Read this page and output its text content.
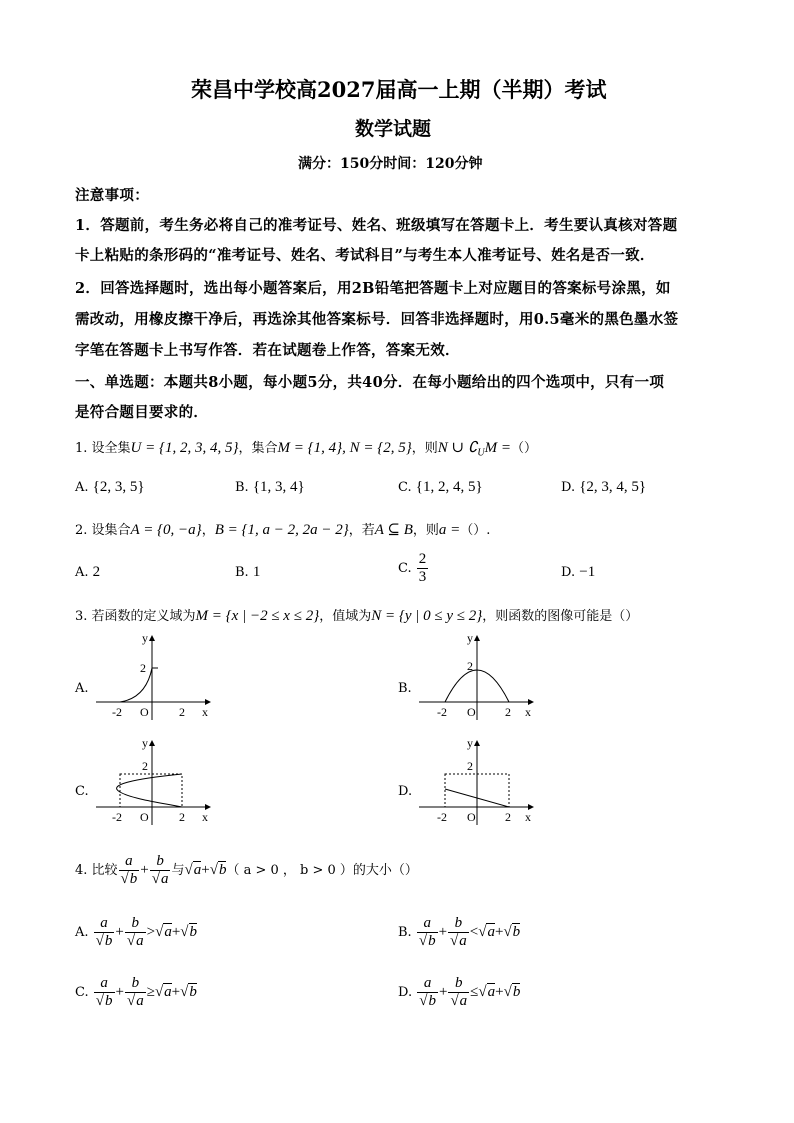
荣昌中学校高2027届高一上期（半期）考试
数学试题
满分：150分时间：120分钟
注意事项：
1．答题前，考生务必将自己的准考证号、姓名、班级填写在答题卡上．考生要认真核对答题
卡上粘贴的条形码的“准考证号、姓名、考试科目”与考生本人准考证号、姓名是否一致．
2．回答选择题时，选出每小题答案后，用2B铅笔把答题卡上对应题目的答案标号涂黑，如
需改动，用橡皮擦干净后，再选涂其他答案标号．回答非选择题时，用0.5毫米的黑色墨水签
字笔在答题卡上书写作答．若在试题卷上作答，答案无效．
一、单选题：本题共8小题，每小题5分，共40分．在每小题给出的四个选项中，只有一项
是符合题目要求的．
1. 设全集U = {1, 2, 3, 4, 5}，集合M = {1, 4}, N = {2, 5}，则N ∪ $∁_UM$ =（）
A. {2, 3, 5}	B. {1, 3, 4}	C. {1, 2, 4, 5}	D. {2, 3, 4, 5}
2. 设集合A = {0, −a}，B = {1, a − 2, 2a − 2}，若A ⊆ B，则a =（）.
A. 2	B. 1	C. $\frac{2}{3}$	D. −1
3. 若函数的定义域为M = {x | −2 ≤ x ≤ 2}，值域为N = {y | 0 ≤ y ≤ 2}，则函数的图像可能是（）
A.	B.
C.	D.
y
2
-2 O	2 x
y
2
-2 O 2 x
y
2
-2 O	2 x
y
2
-2 O 2 x
4. 比较 $\frac{a}{√b} + \frac{b}{√a}$ 与√a+√b（ a > 0 ， b > 0 ）的大小（）
A. $\frac{a}{√b} + \frac{b}{√a} >√a+√b$	B. $\frac{a}{√b} + \frac{b}{√a} <√a+√b$
C. $\frac{a}{√b} + \frac{b}{√a} \ge√a+√b$	D. $\frac{a}{√b} + \frac{b}{√a} \le√a+√b$
